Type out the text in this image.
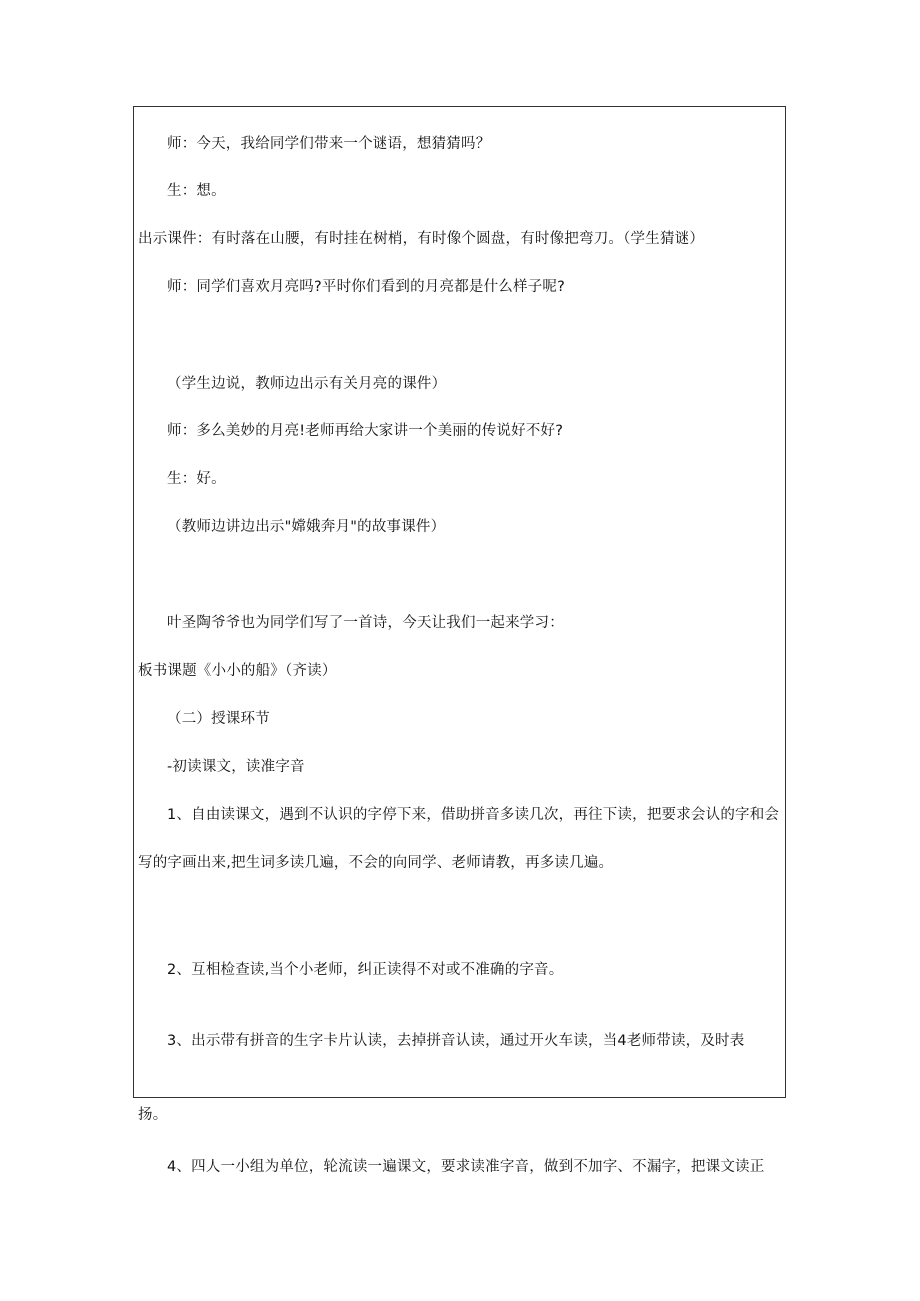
师：今天，我给同学们带来一个谜语，想猜猜吗？
生：想。
出示课件：有时落在山腰，有时挂在树梢，有时像个圆盘，有时像把弯刀。（学生猜谜）
师：同学们喜欢月亮吗?平时你们看到的月亮都是什么样子呢?
（学生边说，教师边出示有关月亮的课件）
师：多么美妙的月亮!老师再给大家讲一个美丽的传说好不好?
生：好。
（教师边讲边出示"嫦娥奔月"的故事课件）
叶圣陶爷爷也为同学们写了一首诗，今天让我们一起来学习：
板书课题《小小的船》（齐读）
（二）授课环节
-初读课文，读准字音
1、自由读课文，遇到不认识的字停下来，借助拼音多读几次，再往下读，把要求会认的字和会
写的字画出来,把生词多读几遍，不会的向同学、老师请教，再多读几遍。
2、互相检查读,当个小老师，纠正读得不对或不准确的字音。
3、出示带有拼音的生字卡片认读，去掉拼音认读，通过开火车读，当4老师带读，及时表
扬。
4、四人一小组为单位，轮流读一遍课文，要求读准字音，做到不加字、不漏字，把课文读正
